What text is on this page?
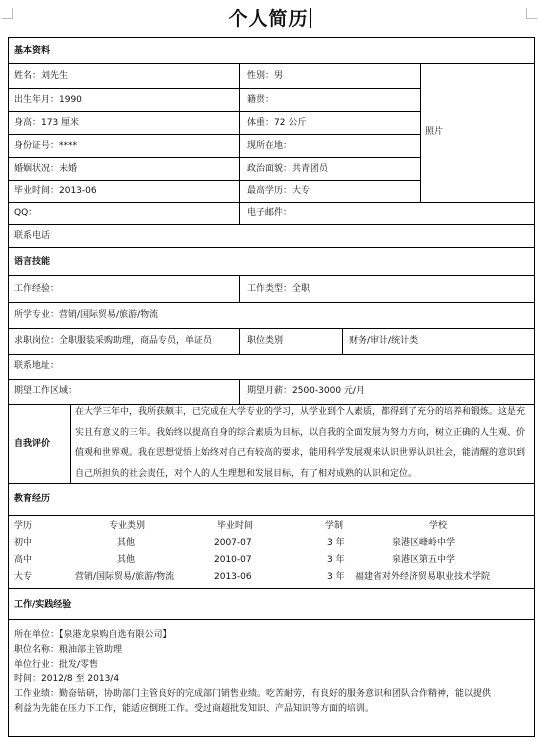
个人简历
基本资料
语言技能
自我评价
教育经历
工作/实践经验
姓名：刘先生	性别：男
出生年月：1990	籍贯：
身高：173 厘米	体重：72 公斤
身份证号：****	现所在地：
婚姻状况：未婚	政治面貌：共青团员
毕业时间：2013-06	最高学历：大专
照片
QQ：	电子邮件：
联系电话
工作经验：	工作类型：全职
所学专业：营销/国际贸易/旅游/物流
求职岗位：全职服装采购助理，商品专员，单证员	职位类别	财务/审计/统计类
联系地址：
期望工作区域：	期望月薪：2500-3000 元/月
在大学三年中，我所获颇丰，已完成在大学专业的学习，从学业到个人素质，都得到了充分的培养和锻炼。这是充实且有意义的三年。我始终以提高自身的综合素质为目标，以自我的全面发展为努力方向，树立正确的人生观、价值观和世界观。我在思想觉悟上始终对自己有较高的要求，能用科学发展观来认识世界认识社会，能清醒的意识到自己所担负的社会责任，对个人的人生理想和发展目标，有了相对成熟的认识和定位。
学历	专业类别	毕业时间	学制	学校
初中	其他	2007-07	3 年	泉港区峰岭中学
高中	其他	2010-07	3 年	泉港区第五中学
大专	营销/国际贸易/旅游/物流	2013-06	3 年 福建省对外经济贸易职业技术学院
所在单位：【泉港龙泉购自选有限公司】
职位名称：粮油部主管助理
单位行业：批发/零售
时间：2012/8 至 2013/4
工作业绩：勤奋钻研，协助部门主管良好的完成部门销售业绩。吃苦耐劳，有良好的服务意识和团队合作精神，能以提供
利益为先能在压力下工作，能适应倒班工作。受过商超批发知识、产品知识等方面的培训。
